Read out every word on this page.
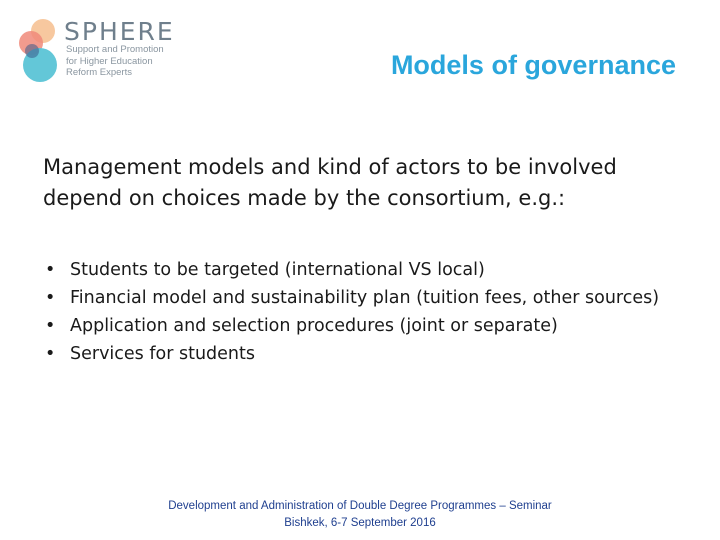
SPHERE
Support and Promotion
for Higher Education
Reform Experts	Models of governance
Management models and kind of actors to be involved depend on choices made by the consortium, e.g.:
• Students to be targeted (international VS local)
• Financial model and sustainability plan (tuition fees, other sources)
• Application and selection procedures (joint or separate)
• Services for students
Development and Administration of Double Degree Programmes – Seminar
Bishkek, 6-7 September 2016
